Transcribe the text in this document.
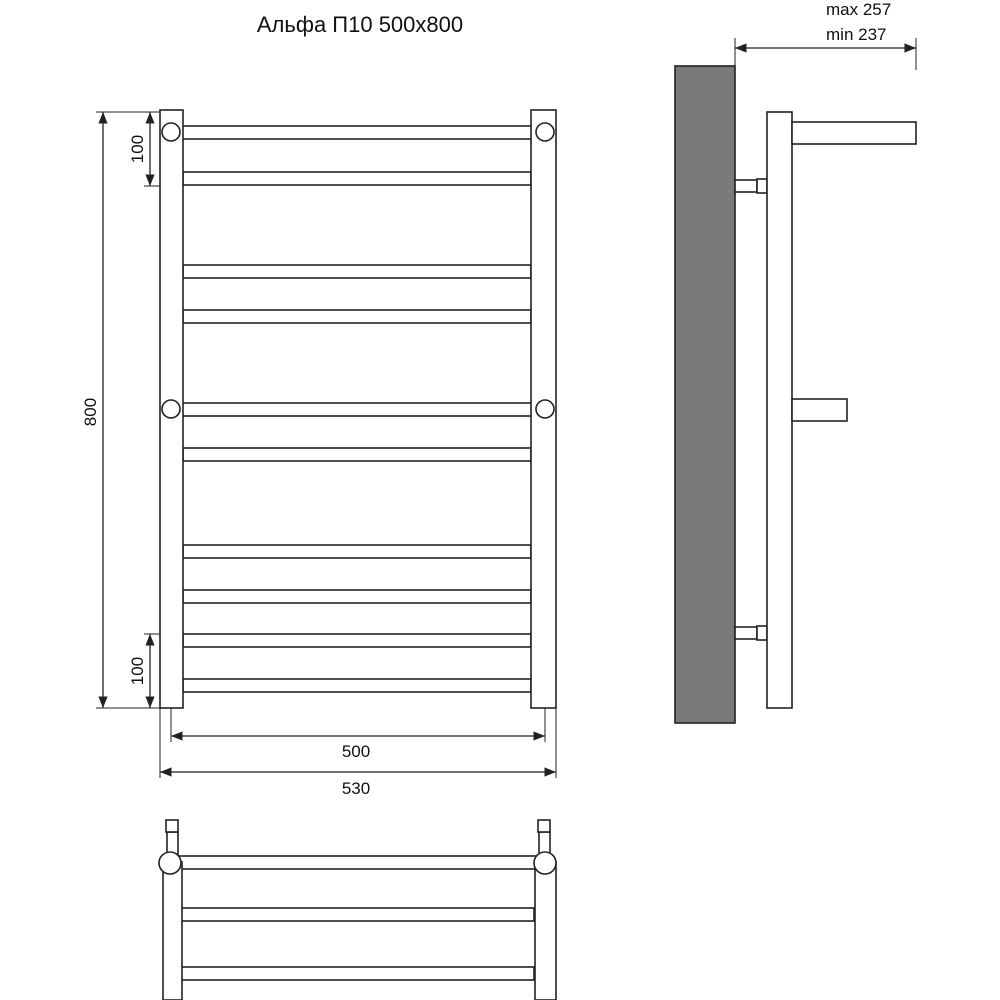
Альфа П10 500х800
800
100
100
500
530
max 257
min 237
